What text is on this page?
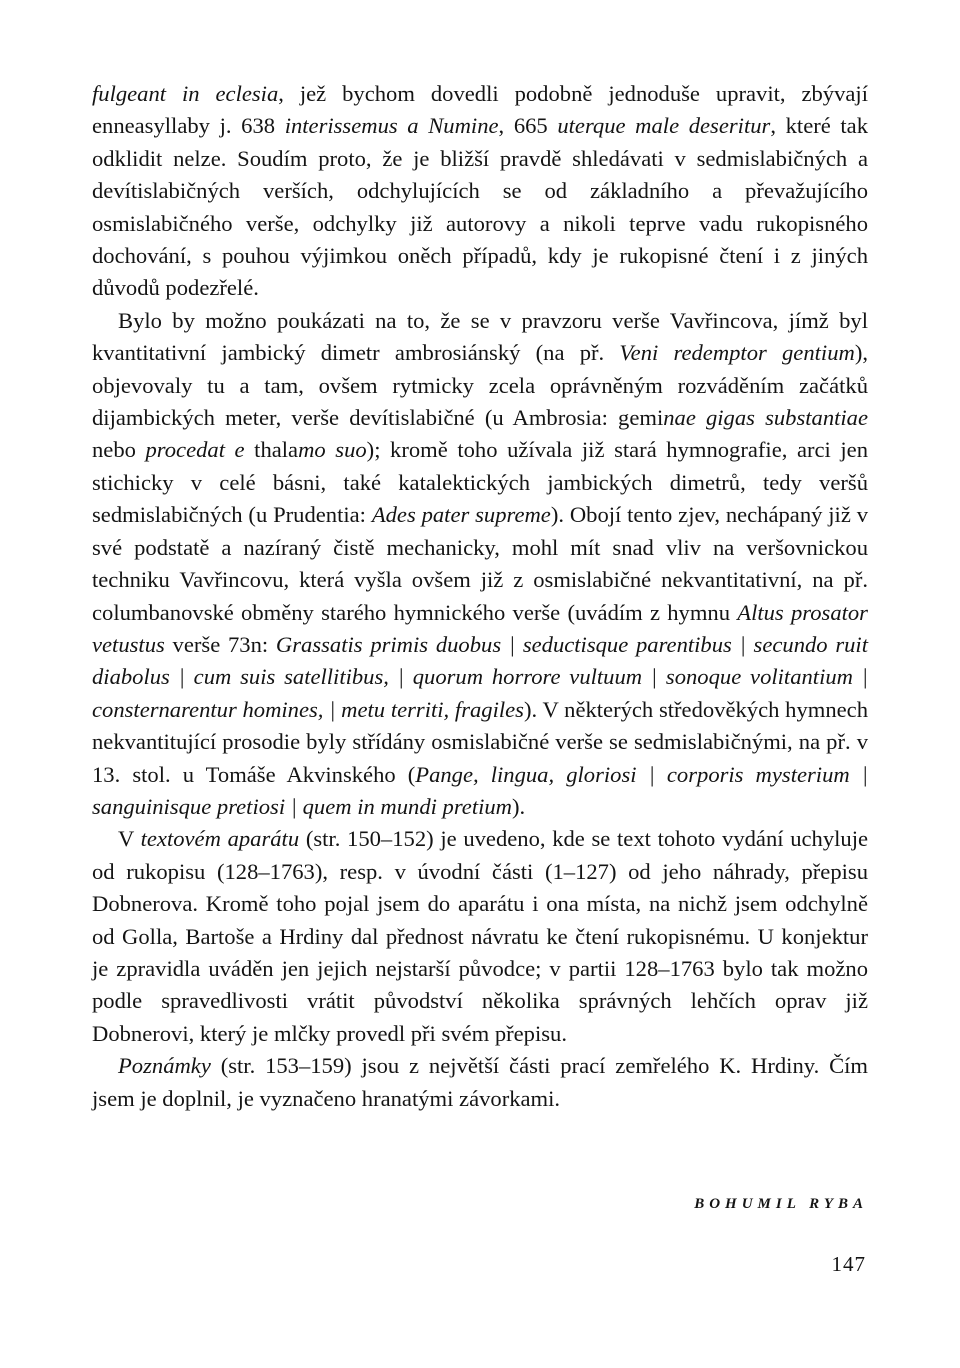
fulgeant in eclesia, jež bychom dovedli podobně jednoduše upravit, zbývají enneasyllaby j. 638 interissemus a Numine, 665 uterque male deseritur, které tak odklidit nelze. Soudím proto, že je bližší pravdě shledávati v sedmislabičných a devítislabičných verších, odchylujících se od základního a převažujícího osmislabičného verše, odchylky již autorovy a nikoli teprve vadu rukopisného dochování, s pouhou výjimkou oněch případů, kdy je rukopisné čtení i z jiných důvodů podezřelé.

Bylo by možno poukázati na to, že se v pravzoru verše Vavřincova, jímž byl kvantitativní jambický dimetr ambrosiánský (na př. Veni redemptor gentium), objevovaly tu a tam, ovšem rytmicky zcela oprávněným rozváděním začátků dijambických meter, verše devítislabičné (u Ambrosia: geminae gigas substantiae nebo procedat e thalamo suo); kromě toho užívala již stará hymnografie, arci jen stichicky v celé básni, také katalektických jambických dimetrů, tedy veršů sedmislabičných (u Prudentia: Ades pater supreme). Obojí tento zjev, nechápaný již v své podstatě a nazíraný čistě mechanicky, mohl mít snad vliv na veršovnickou techniku Vavřincovu, která vyšla ovšem již z osmislabičné nekvantitativní, na př. columbanovské obměny starého hymnického verše (uvádím z hymnu Altus prosator vetustus verše 73n: Grassatis primis duobus | seductisque parentibus | secundo ruit diabolus | cum suis satellitibus, | quorum horrore vultuum | sonoque volitantium | consternarentur homines, | metu territi, fragiles). V některých středověkých hymnech nekvantitující prosodie byly střídány osmislabičné verše se sedmislabičnými, na př. v 13. stol. u Tomáše Akvinského (Pange, lingua, gloriosi | corporis mysterium | sanguinisque pretiosi | quem in mundi pretium).

V textovém aparátu (str. 150–152) je uvedeno, kde se text tohoto vydání uchyluje od rukopisu (128–1763), resp. v úvodní části (1–127) od jeho náhrady, přepisu Dobnerova. Kromě toho pojal jsem do aparátu i ona místa, na nichž jsem odchylně od Golla, Bartoše a Hrdiny dal přednost návratu ke čtení rukopisnému. U konjektur je zpravidla uváděn jen jejich nejstarší původce; v partii 128–1763 bylo tak možno podle spravedlivosti vrátit původství několika správných lehčích oprav již Dobnerovi, který je mlčky provedl při svém přepisu.

Poznámky (str. 153–159) jsou z největší části prací zemřelého K. Hrdiny. Čím jsem je doplnil, je vyznačeno hranatými závorkami.

BOHUMIL RYBA
147
